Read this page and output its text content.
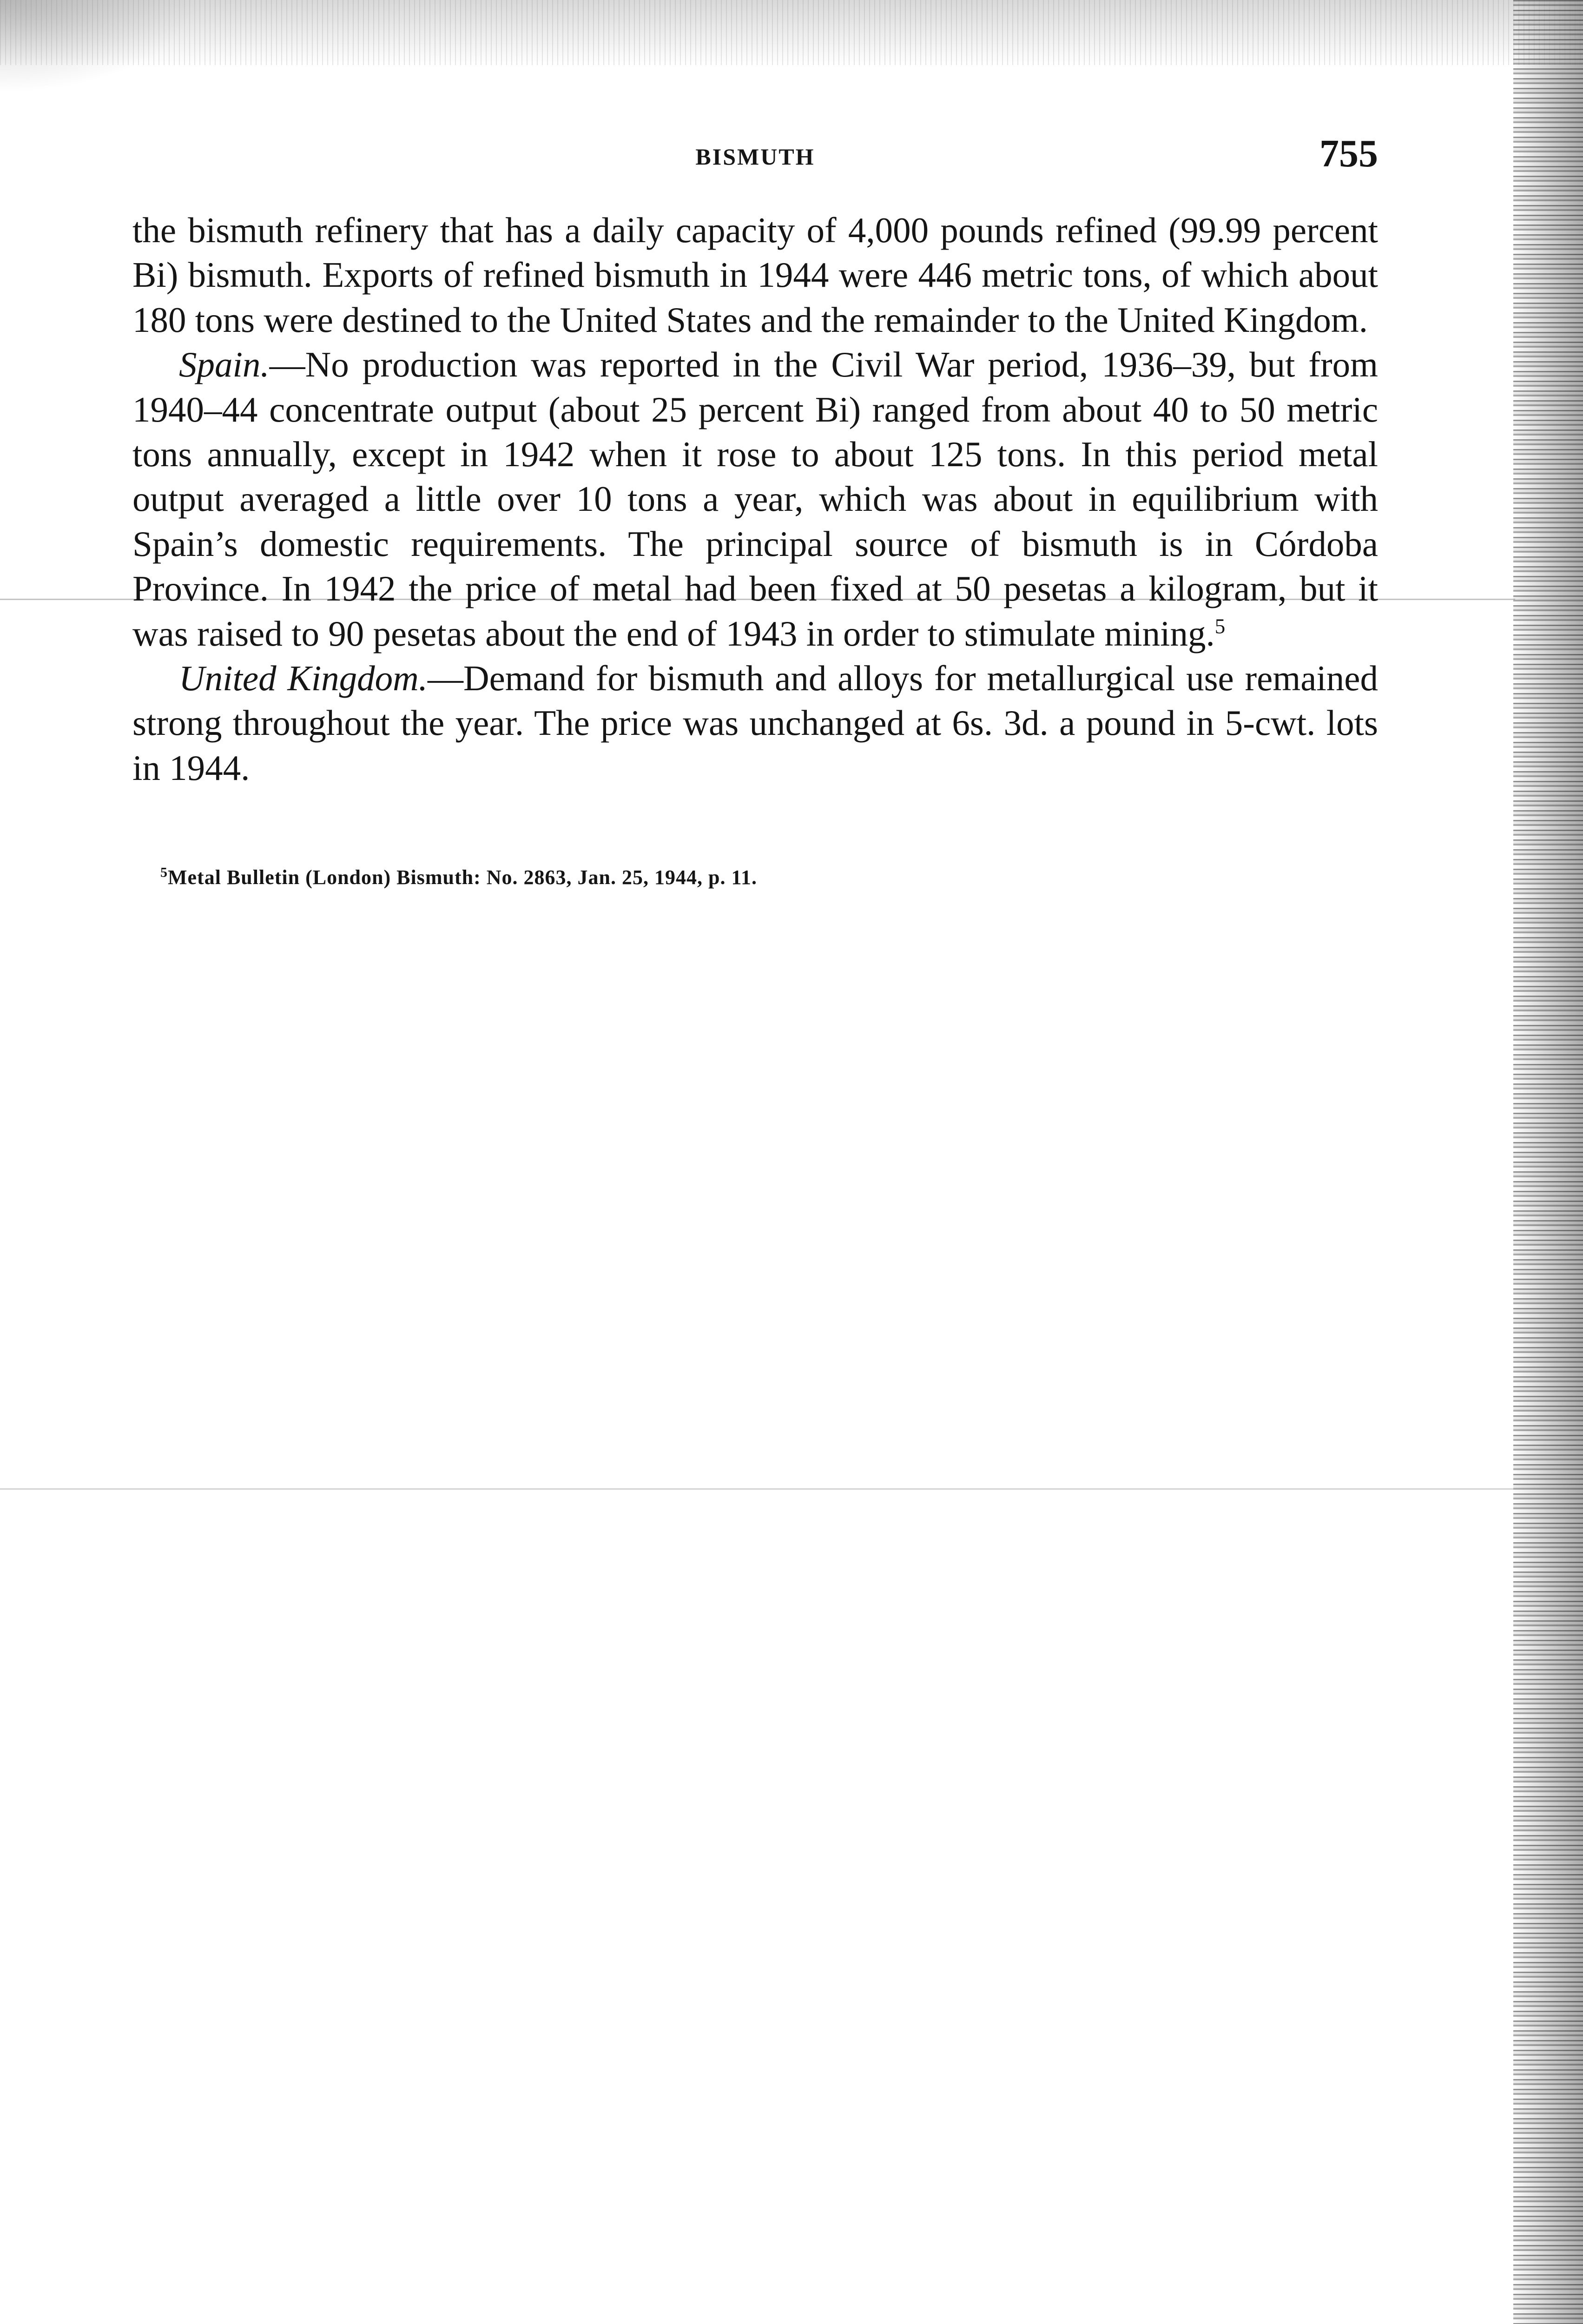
BISMUTH	755

the bismuth refinery that has a daily capacity of 4,000 pounds refined (99.99 percent Bi) bismuth. Exports of refined bismuth in 1944 were 446 metric tons, of which about 180 tons were destined to the United States and the remainder to the United Kingdom.

Spain.—No production was reported in the Civil War period, 1936–39, but from 1940–44 concentrate output (about 25 percent Bi) ranged from about 40 to 50 metric tons annually, except in 1942 when it rose to about 125 tons. In this period metal output averaged a little over 10 tons a year, which was about in equilibrium with Spain’s domestic requirements. The principal source of bismuth is in Córdoba Province. In 1942 the price of metal had been fixed at 50 pesetas a kilogram, but it was raised to 90 pesetas about the end of 1943 in order to stimulate mining.$^5$

United Kingdom.—Demand for bismuth and alloys for metallurgical use remained strong throughout the year. The price was unchanged at 6s. 3d. a pound in 5-cwt. lots in 1944.

$^5$Metal Bulletin (London) Bismuth: No. 2863, Jan. 25, 1944, p. 11.
